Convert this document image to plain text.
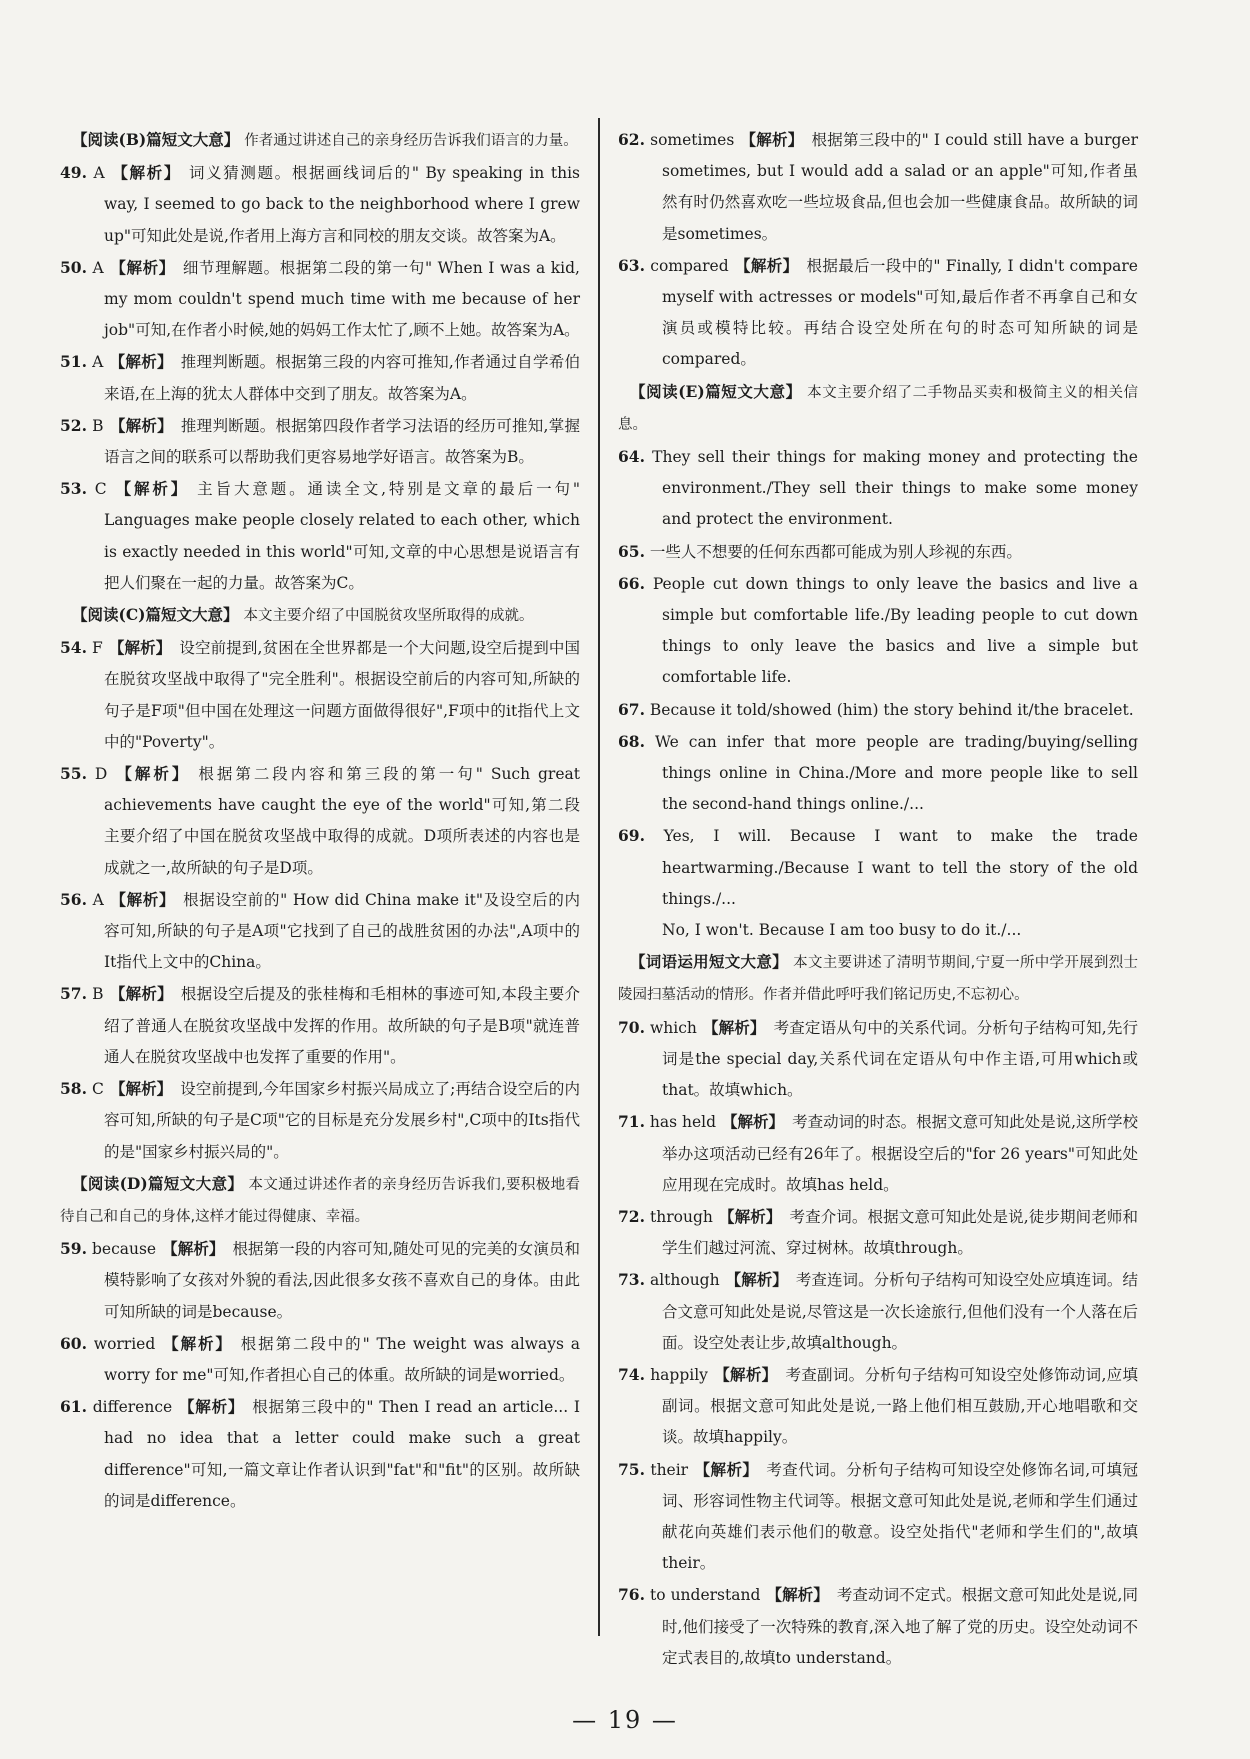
【阅读(B)篇短文大意】 作者通过讲述自己的亲身经历告诉我们语言的力量。

49. A 【解析】 词义猜测题。根据画线词后的" By speaking in this way, I seemed to go back to the neighborhood where I grew up"可知此处是说,作者用上海方言和同校的朋友交谈。故答案为A。

50. A 【解析】 细节理解题。根据第二段的第一句" When I was a kid, my mom couldn't spend much time with me because of her job"可知,在作者小时候,她的妈妈工作太忙了,顾不上她。故答案为A。

51. A 【解析】 推理判断题。根据第三段的内容可推知,作者通过自学希伯来语,在上海的犹太人群体中交到了朋友。故答案为A。

52. B 【解析】 推理判断题。根据第四段作者学习法语的经历可推知,掌握语言之间的联系可以帮助我们更容易地学好语言。故答案为B。

53. C 【解析】 主旨大意题。通读全文,特别是文章的最后一句" Languages make people closely related to each other, which is exactly needed in this world"可知,文章的中心思想是说语言有把人们聚在一起的力量。故答案为C。

【阅读(C)篇短文大意】 本文主要介绍了中国脱贫攻坚所取得的成就。

54. F 【解析】 设空前提到,贫困在全世界都是一个大问题,设空后提到中国在脱贫攻坚战中取得了"完全胜利"。根据设空前后的内容可知,所缺的句子是F项"但中国在处理这一问题方面做得很好",F项中的it指代上文中的"Poverty"。

55. D 【解析】 根据第二段内容和第三段的第一句" Such great achievements have caught the eye of the world"可知,第二段主要介绍了中国在脱贫攻坚战中取得的成就。D项所表述的内容也是成就之一,故所缺的句子是D项。

56. A 【解析】 根据设空前的" How did China make it"及设空后的内容可知,所缺的句子是A项"它找到了自己的战胜贫困的办法",A项中的It指代上文中的China。

57. B 【解析】 根据设空后提及的张桂梅和毛相林的事迹可知,本段主要介绍了普通人在脱贫攻坚战中发挥的作用。故所缺的句子是B项"就连普通人在脱贫攻坚战中也发挥了重要的作用"。

58. C 【解析】 设空前提到,今年国家乡村振兴局成立了;再结合设空后的内容可知,所缺的句子是C项"它的目标是充分发展乡村",C项中的Its指代的是"国家乡村振兴局的"。

【阅读(D)篇短文大意】 本文通过讲述作者的亲身经历告诉我们,要积极地看待自己和自己的身体,这样才能过得健康、幸福。

59. because 【解析】 根据第一段的内容可知,随处可见的完美的女演员和模特影响了女孩对外貌的看法,因此很多女孩不喜欢自己的身体。由此可知所缺的词是because。

60. worried 【解析】 根据第二段中的" The weight was always a worry for me"可知,作者担心自己的体重。故所缺的词是worried。

61. difference 【解析】 根据第三段中的" Then I read an article... I had no idea that a letter could make such a great difference"可知,一篇文章让作者认识到"fat"和"fit"的区别。故所缺的词是difference。

62. sometimes 【解析】 根据第三段中的" I could still have a burger sometimes, but I would add a salad or an apple"可知,作者虽然有时仍然喜欢吃一些垃圾食品,但也会加一些健康食品。故所缺的词是sometimes。

63. compared 【解析】 根据最后一段中的" Finally, I didn't compare myself with actresses or models"可知,最后作者不再拿自己和女演员或模特比较。再结合设空处所在句的时态可知所缺的词是compared。

【阅读(E)篇短文大意】 本文主要介绍了二手物品买卖和极简主义的相关信息。

64. They sell their things for making money and protecting the environment./They sell their things to make some money and protect the environment.

65. 一些人不想要的任何东西都可能成为别人珍视的东西。

66. People cut down things to only leave the basics and live a simple but comfortable life./By leading people to cut down things to only leave the basics and live a simple but comfortable life.

67. Because it told/showed (him) the story behind it/the bracelet.

68. We can infer that more people are trading/buying/selling things online in China./More and more people like to sell the second-hand things online./...

69. Yes, I will. Because I want to make the trade heartwarming./Because I want to tell the story of the old things./...

No, I won't. Because I am too busy to do it./...

【词语运用短文大意】 本文主要讲述了清明节期间,宁夏一所中学开展到烈士陵园扫墓活动的情形。作者并借此呼吁我们铭记历史,不忘初心。

70. which 【解析】 考查定语从句中的关系代词。分析句子结构可知,先行词是the special day,关系代词在定语从句中作主语,可用which或that。故填which。

71. has held 【解析】 考查动词的时态。根据文意可知此处是说,这所学校举办这项活动已经有26年了。根据设空后的"for 26 years"可知此处应用现在完成时。故填has held。

72. through 【解析】 考查介词。根据文意可知此处是说,徒步期间老师和学生们越过河流、穿过树林。故填through。

73. although 【解析】 考查连词。分析句子结构可知设空处应填连词。结合文意可知此处是说,尽管这是一次长途旅行,但他们没有一个人落在后面。设空处表让步,故填although。

74. happily 【解析】 考查副词。分析句子结构可知设空处修饰动词,应填副词。根据文意可知此处是说,一路上他们相互鼓励,开心地唱歌和交谈。故填happily。

75. their 【解析】 考查代词。分析句子结构可知设空处修饰名词,可填冠词、形容词性物主代词等。根据文意可知此处是说,老师和学生们通过献花向英雄们表示他们的敬意。设空处指代"老师和学生们的",故填their。

76. to understand 【解析】 考查动词不定式。根据文意可知此处是说,同时,他们接受了一次特殊的教育,深入地了解了党的历史。设空处动词不定式表目的,故填to understand。

— 19 —
